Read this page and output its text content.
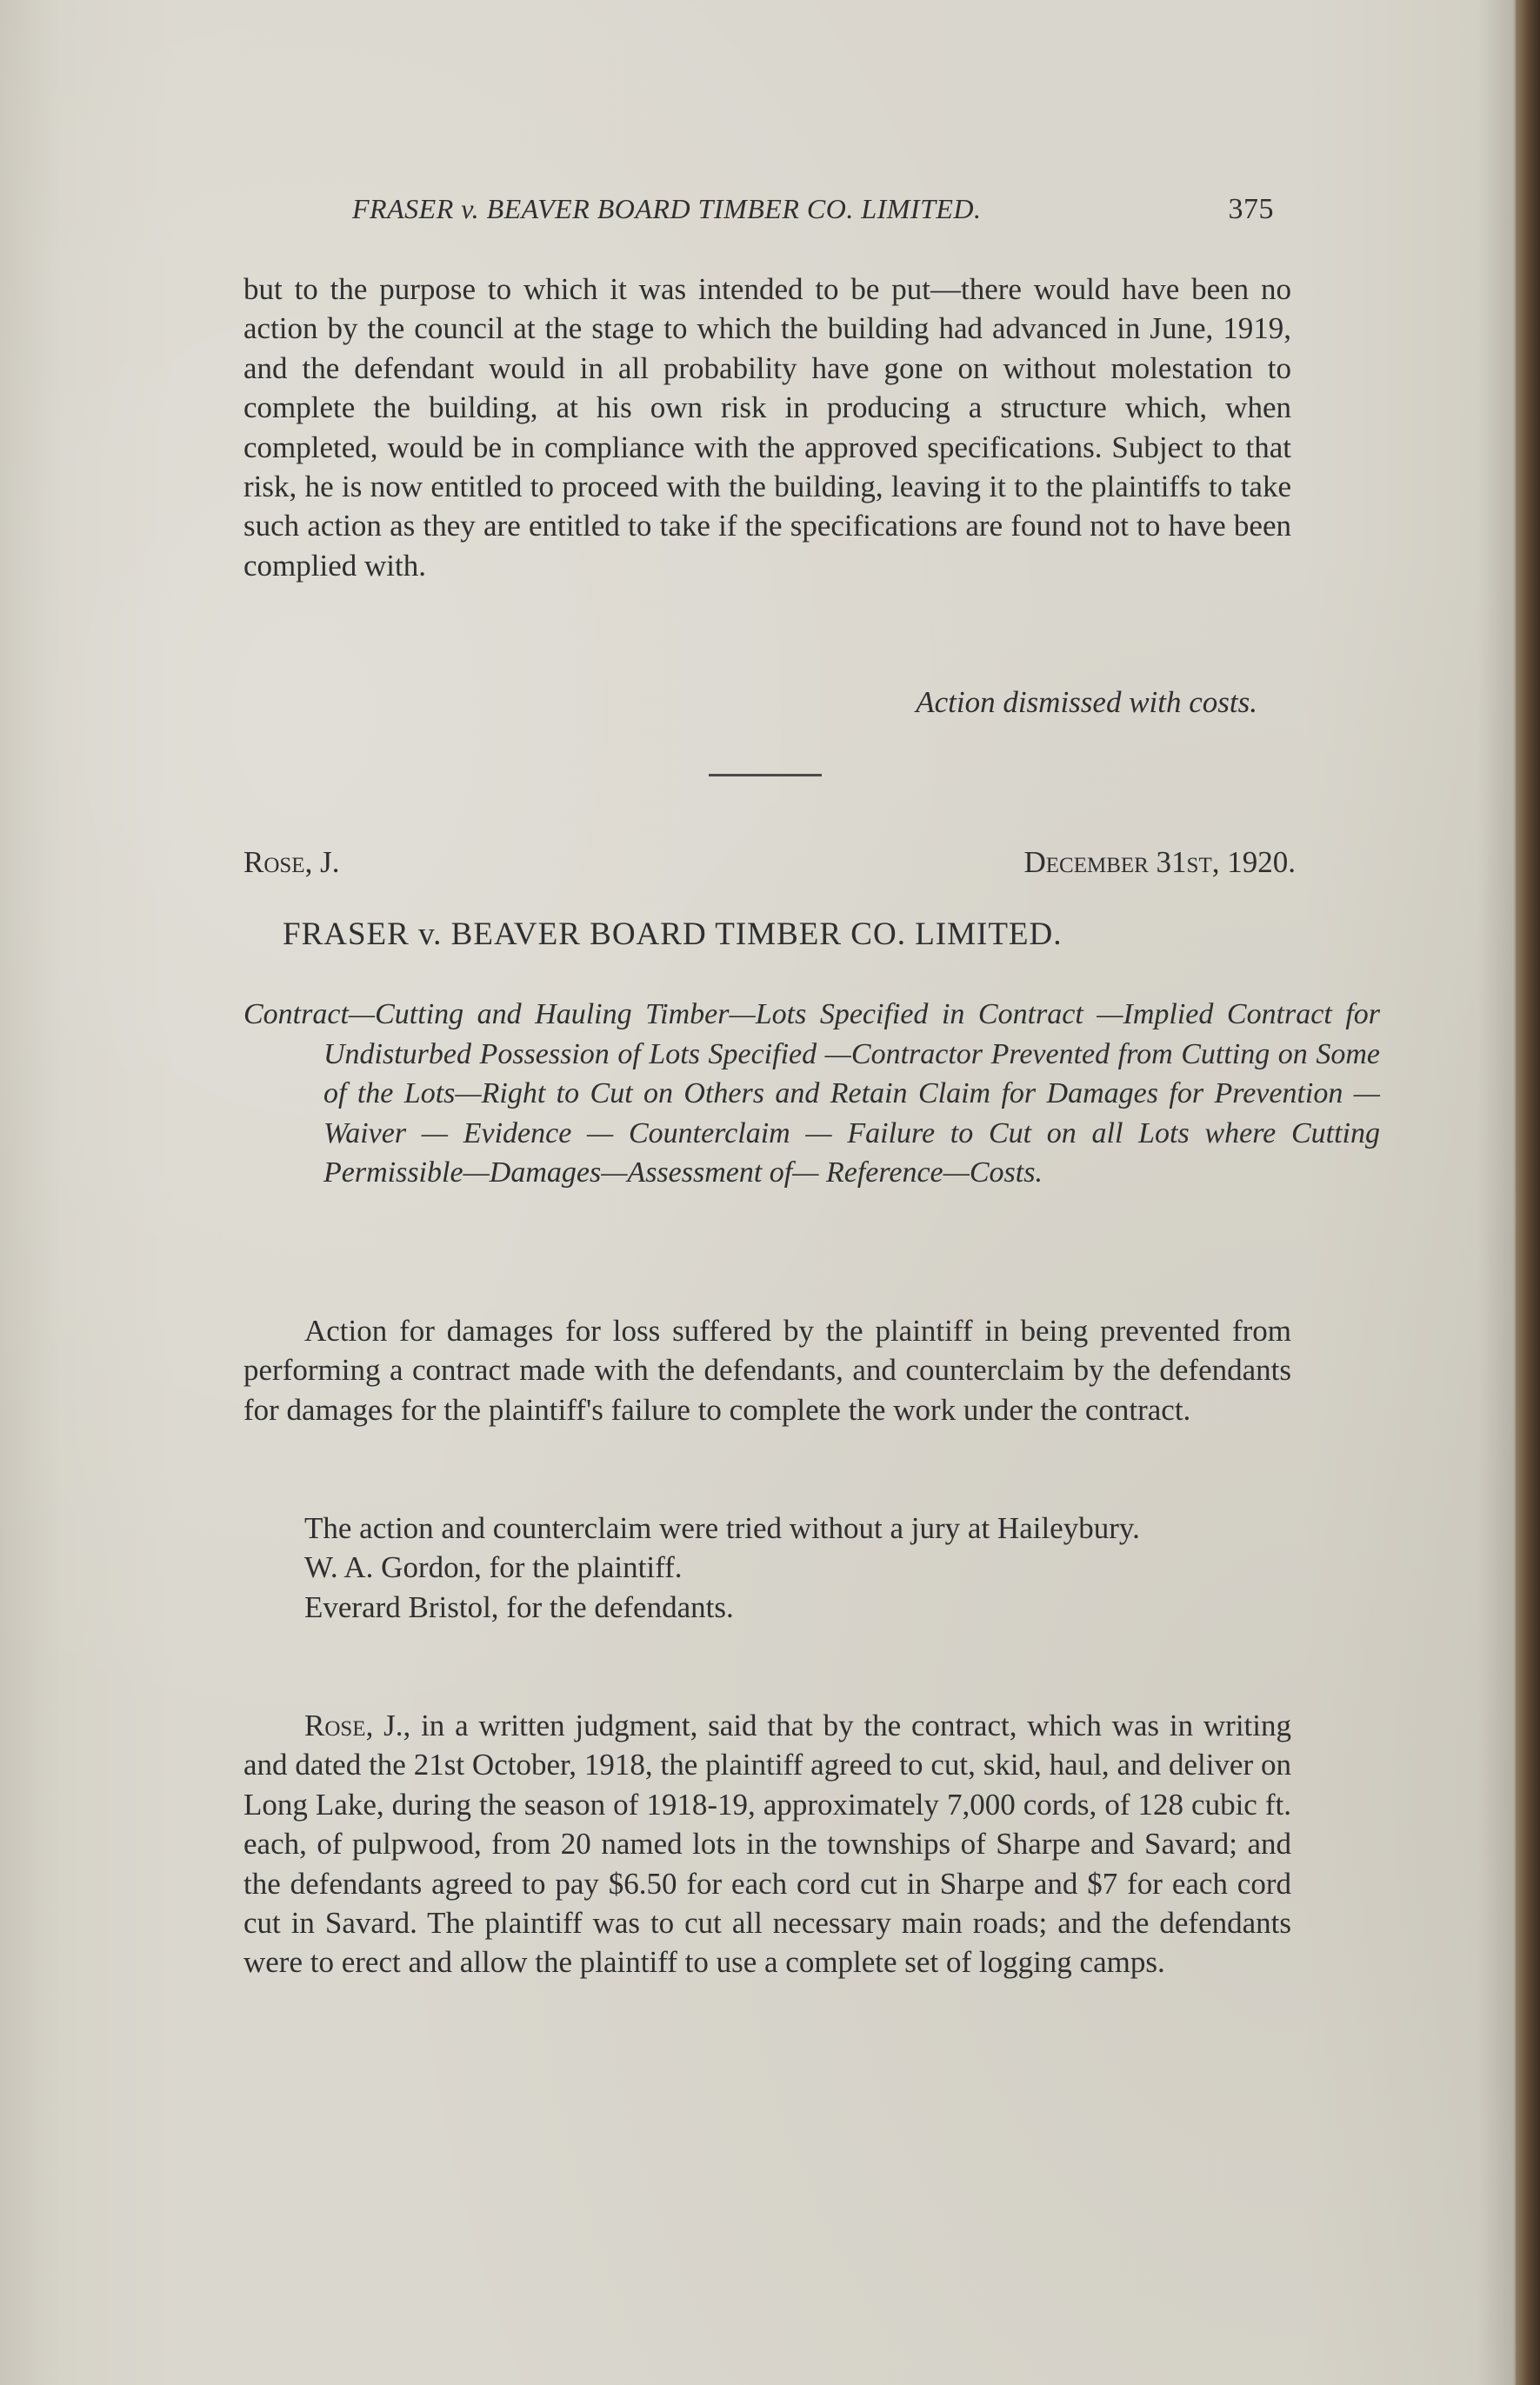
FRASER v. BEAVER BOARD TIMBER CO. LIMITED.	375

but to the purpose to which it was intended to be put—there would have been no action by the council at the stage to which the building had advanced in June, 1919, and the defendant would in all probability have gone on without molestation to complete the building, at his own risk in producing a structure which, when completed, would be in compliance with the approved specifications. Subject to that risk, he is now entitled to proceed with the building, leaving it to the plaintiffs to take such action as they are entitled to take if the specifications are found not to have been complied with.

Action dismissed with costs.
Rose, J.	December 31st, 1920.
FRASER v. BEAVER BOARD TIMBER CO. LIMITED.
Contract—Cutting and Hauling Timber—Lots Specified in Contract —Implied Contract for Undisturbed Possession of Lots Specified —Contractor Prevented from Cutting on Some of the Lots—Right to Cut on Others and Retain Claim for Damages for Prevention —Waiver — Evidence — Counterclaim — Failure to Cut on all Lots where Cutting Permissible—Damages—Assessment of— Reference—Costs.

Action for damages for loss suffered by the plaintiff in being prevented from performing a contract made with the defendants, and counterclaim by the defendants for damages for the plaintiff's failure to complete the work under the contract.

The action and counterclaim were tried without a jury at Haileybury.

W. A. Gordon, for the plaintiff.

Everard Bristol, for the defendants.

Rose, J., in a written judgment, said that by the contract, which was in writing and dated the 21st October, 1918, the plaintiff agreed to cut, skid, haul, and deliver on Long Lake, during the season of 1918-19, approximately 7,000 cords, of 128 cubic ft. each, of pulpwood, from 20 named lots in the townships of Sharpe and Savard; and the defendants agreed to pay $6.50 for each cord cut in Sharpe and $7 for each cord cut in Savard. The plaintiff was to cut all necessary main roads; and the defendants were to erect and allow the plaintiff to use a complete set of logging camps.
